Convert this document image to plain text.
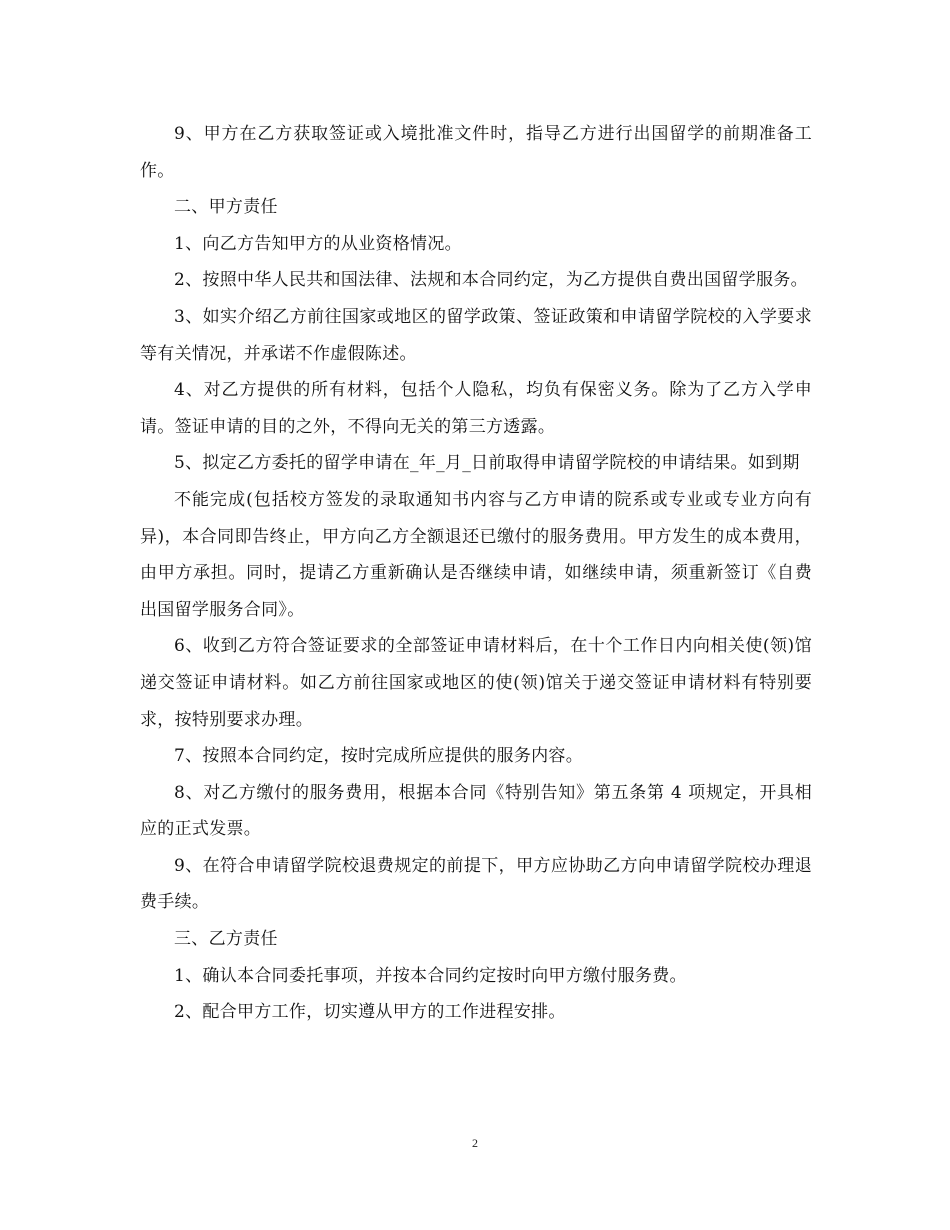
9、甲方在乙方获取签证或入境批准文件时，指导乙方进行出国留学的前期准备工作。

二、甲方责任

1、向乙方告知甲方的从业资格情况。

2、按照中华人民共和国法律、法规和本合同约定，为乙方提供自费出国留学服务。

3、如实介绍乙方前往国家或地区的留学政策、签证政策和申请留学院校的入学要求等有关情况，并承诺不作虚假陈述。

4、对乙方提供的所有材料，包括个人隐私，均负有保密义务。除为了乙方入学申请。签证申请的目的之外，不得向无关的第三方透露。

5、拟定乙方委托的留学申请在_年_月_日前取得申请留学院校的申请结果。如到期

不能完成(包括校方签发的录取通知书内容与乙方申请的院系或专业或专业方向有异)，本合同即告终止，甲方向乙方全额退还已缴付的服务费用。甲方发生的成本费用，由甲方承担。同时，提请乙方重新确认是否继续申请，如继续申请，须重新签订《自费出国留学服务合同》。

6、收到乙方符合签证要求的全部签证申请材料后，在十个工作日内向相关使(领)馆递交签证申请材料。如乙方前往国家或地区的使(领)馆关于递交签证申请材料有特别要求，按特别要求办理。

7、按照本合同约定，按时完成所应提供的服务内容。

8、对乙方缴付的服务费用，根据本合同《特别告知》第五条第 4 项规定，开具相应的正式发票。

9、在符合申请留学院校退费规定的前提下，甲方应协助乙方向申请留学院校办理退费手续。

三、乙方责任

1、确认本合同委托事项，并按本合同约定按时向甲方缴付服务费。

2、配合甲方工作，切实遵从甲方的工作进程安排。

2
